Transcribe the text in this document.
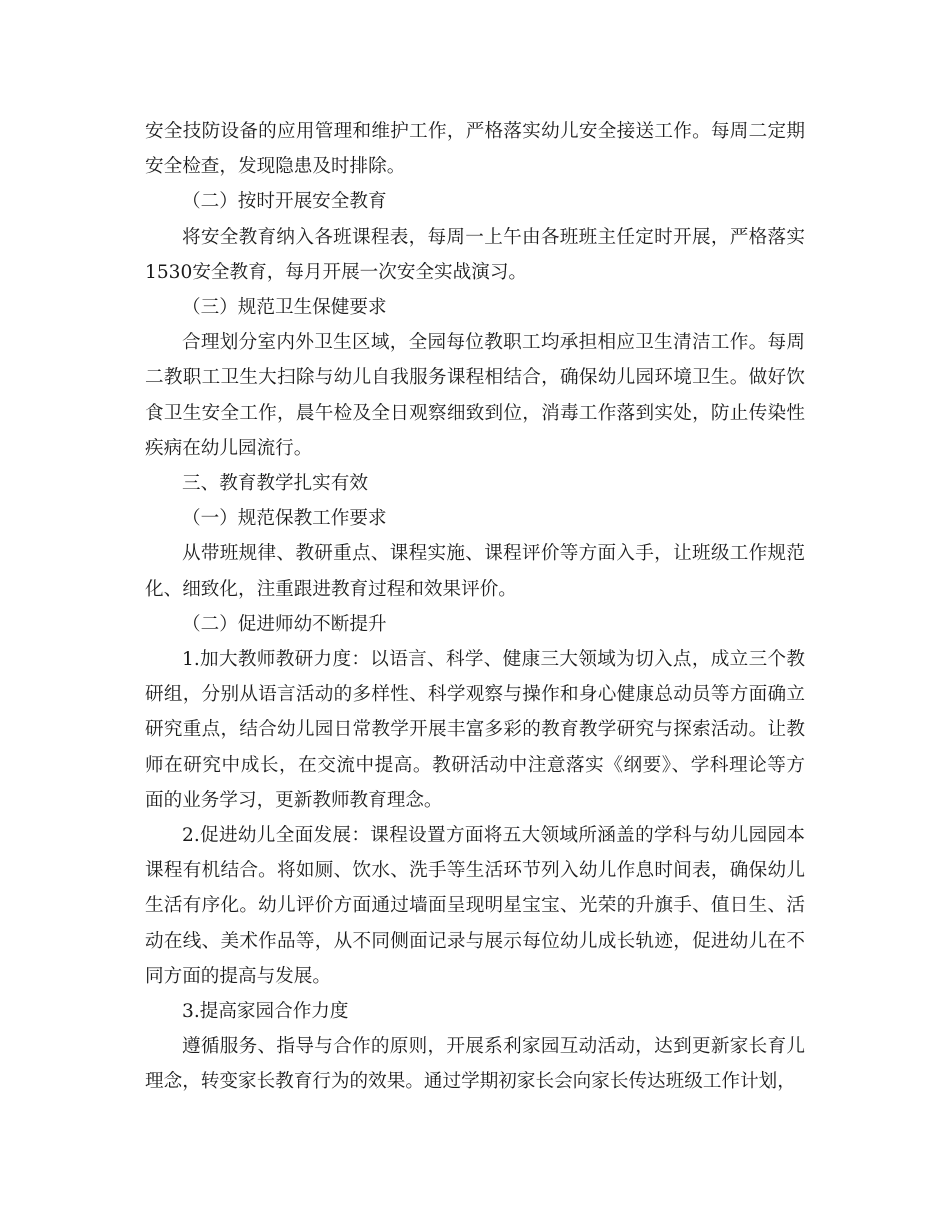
安全技防设备的应用管理和维护工作，严格落实幼儿安全接送工作。每周二定期安全检查，发现隐患及时排除。

（二）按时开展安全教育

将安全教育纳入各班课程表，每周一上午由各班班主任定时开展，严格落实1530安全教育，每月开展一次安全实战演习。

（三）规范卫生保健要求

合理划分室内外卫生区域，全园每位教职工均承担相应卫生清洁工作。每周二教职工卫生大扫除与幼儿自我服务课程相结合，确保幼儿园环境卫生。做好饮食卫生安全工作，晨午检及全日观察细致到位，消毒工作落到实处，防止传染性疾病在幼儿园流行。

三、教育教学扎实有效

（一）规范保教工作要求

从带班规律、教研重点、课程实施、课程评价等方面入手，让班级工作规范化、细致化，注重跟进教育过程和效果评价。

（二）促进师幼不断提升

1.加大教师教研力度：以语言、科学、健康三大领域为切入点，成立三个教研组，分别从语言活动的多样性、科学观察与操作和身心健康总动员等方面确立研究重点，结合幼儿园日常教学开展丰富多彩的教育教学研究与探索活动。让教师在研究中成长，在交流中提高。教研活动中注意落实《纲要》、学科理论等方面的业务学习，更新教师教育理念。

2.促进幼儿全面发展：课程设置方面将五大领域所涵盖的学科与幼儿园园本课程有机结合。将如厕、饮水、洗手等生活环节列入幼儿作息时间表，确保幼儿生活有序化。幼儿评价方面通过墙面呈现明星宝宝、光荣的升旗手、值日生、活动在线、美术作品等，从不同侧面记录与展示每位幼儿成长轨迹，促进幼儿在不同方面的提高与发展。

3.提高家园合作力度

遵循服务、指导与合作的原则，开展系利家园互动活动，达到更新家长育儿理念，转变家长教育行为的效果。通过学期初家长会向家长传达班级工作计划，
